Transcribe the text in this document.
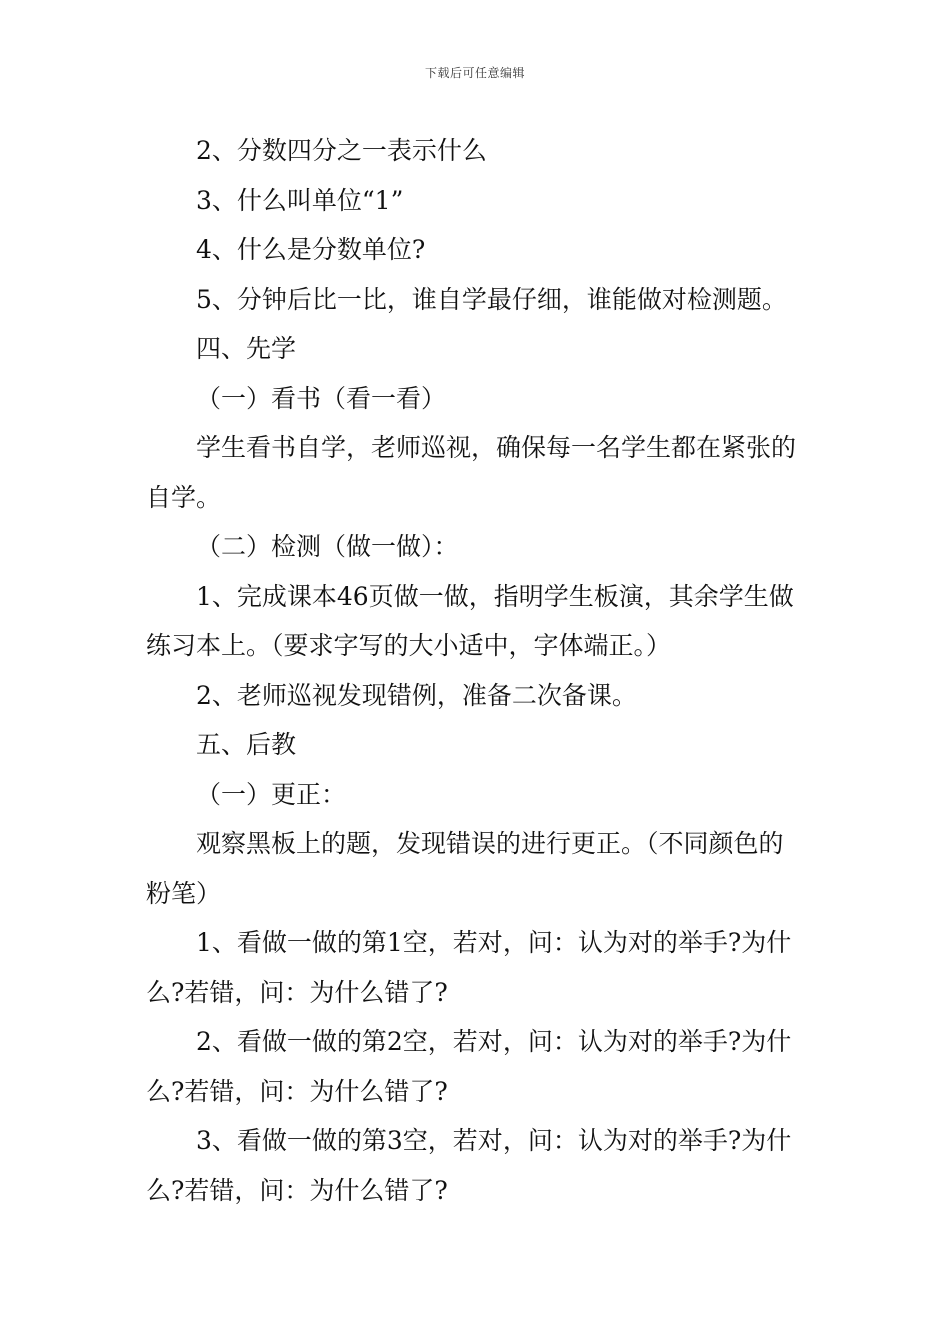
下载后可任意编辑

2、分数四分之一表示什么

3、什么叫单位“1”

4、什么是分数单位?

5、分钟后比一比，谁自学最仔细，谁能做对检测题。

四、先学

（一）看书（看一看）

学生看书自学，老师巡视，确保每一名学生都在紧张的自学。

（二）检测（做一做）：

1、完成课本46页做一做，指明学生板演，其余学生做练习本上。（要求字写的大小适中，字体端正。）

2、老师巡视发现错例，准备二次备课。

五、后教

（一）更正：

观察黑板上的题，发现错误的进行更正。（不同颜色的粉笔）

1、看做一做的第1空，若对，问：认为对的举手?为什么?若错，问：为什么错了?

2、看做一做的第2空，若对，问：认为对的举手?为什么?若错，问：为什么错了?

3、看做一做的第3空，若对，问：认为对的举手?为什么?若错，问：为什么错了?
